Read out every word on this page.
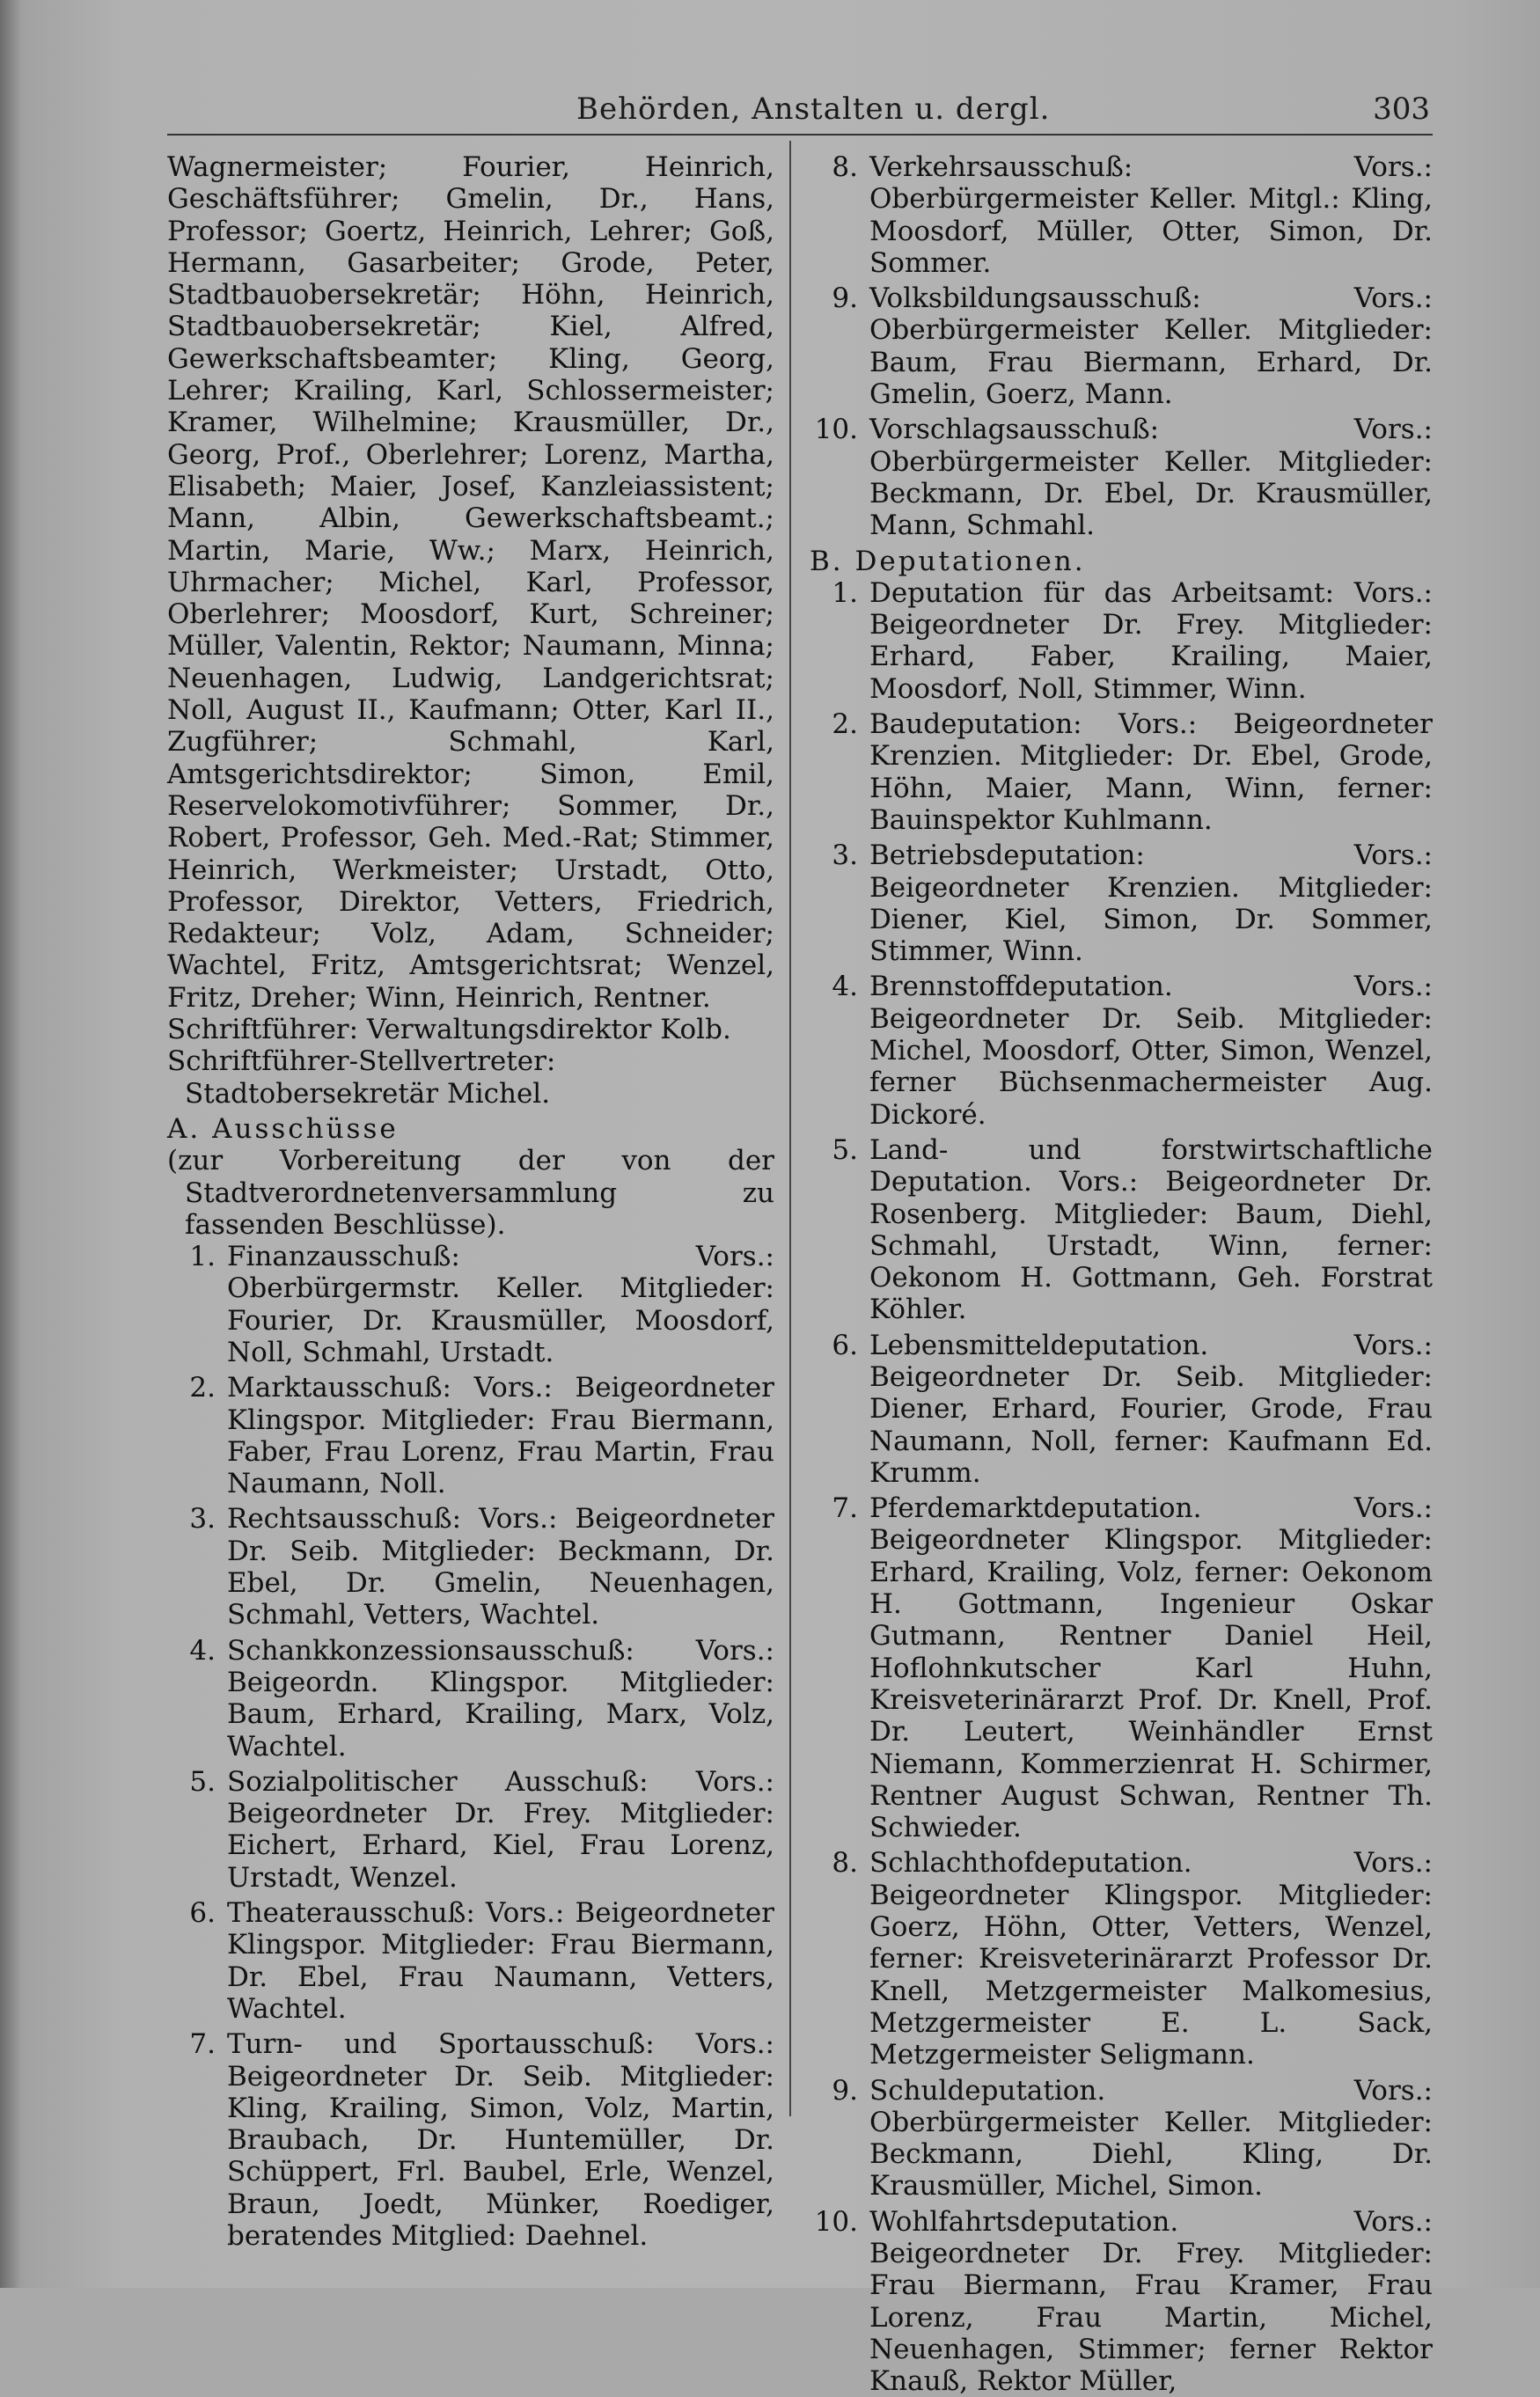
Behörden, Anstalten u. dergl.	303

Wagnermeister; Fourier, Heinrich, Geschäftsführer; Gmelin, Dr., Hans, Professor; Goertz, Heinrich, Lehrer; Goß, Hermann, Gasarbeiter; Grode, Peter, Stadtbauobersekretär; Höhn, Heinrich, Stadtbauobersekretär; Kiel, Alfred, Gewerkschaftsbeamter; Kling, Georg, Lehrer; Krailing, Karl, Schlossermeister; Kramer, Wilhelmine; Krausmüller, Dr., Georg, Prof., Oberlehrer; Lorenz, Martha, Elisabeth; Maier, Josef, Kanzleiassistent; Mann, Albin, Gewerkschaftsbeamt.; Martin, Marie, Ww.; Marx, Heinrich, Uhrmacher; Michel, Karl, Professor, Oberlehrer; Moosdorf, Kurt, Schreiner; Müller, Valentin, Rektor; Naumann, Minna; Neuenhagen, Ludwig, Landgerichtsrat; Noll, August II., Kaufmann; Otter, Karl II., Zugführer; Schmahl, Karl, Amtsgerichtsdirektor; Simon, Emil, Reservelokomotivführer; Sommer, Dr., Robert, Professor, Geh. Med.-Rat; Stimmer, Heinrich, Werkmeister; Urstadt, Otto, Professor, Direktor, Vetters, Friedrich, Redakteur; Volz, Adam, Schneider; Wachtel, Fritz, Amtsgerichtsrat; Wenzel, Fritz, Dreher; Winn, Heinrich, Rentner.

Schriftführer: Verwaltungsdirektor Kolb.

Schriftführer-Stellvertreter: Stadtobersekretär Michel.

A. Ausschüsse

(zur Vorbereitung der von der Stadtverordnetenversammlung zu fassenden Beschlüsse).

1. Finanzausschuß: Vors.: Oberbürgermstr. Keller. Mitglieder: Fourier, Dr. Krausmüller, Moosdorf, Noll, Schmahl, Urstadt.
2. Marktausschuß: Vors.: Beigeordneter Klingspor. Mitglieder: Frau Biermann, Faber, Frau Lorenz, Frau Martin, Frau Naumann, Noll.
3. Rechtsausschuß: Vors.: Beigeordneter Dr. Seib. Mitglieder: Beckmann, Dr. Ebel, Dr. Gmelin, Neuenhagen, Schmahl, Vetters, Wachtel.
4. Schankkonzessionsausschuß: Vors.: Beigeordn. Klingspor. Mitglieder: Baum, Erhard, Krailing, Marx, Volz, Wachtel.
5. Sozialpolitischer Ausschuß: Vors.: Beigeordneter Dr. Frey. Mitglieder: Eichert, Erhard, Kiel, Frau Lorenz, Urstadt, Wenzel.
6. Theaterausschuß: Vors.: Beigeordneter Klingspor. Mitglieder: Frau Biermann, Dr. Ebel, Frau Naumann, Vetters, Wachtel.
7. Turn- und Sportausschuß: Vors.: Beigeordneter Dr. Seib. Mitglieder: Kling, Krailing, Simon, Volz, Martin, Braubach, Dr. Huntemüller, Dr. Schüppert, Frl. Baubel, Erle, Wenzel, Braun, Joedt, Münker, Roediger, beratendes Mitglied: Daehnel.
8. Verkehrsausschuß: Vors.: Oberbürgermeister Keller. Mitgl.: Kling, Moosdorf, Müller, Otter, Simon, Dr. Sommer.
9. Volksbildungsausschuß: Vors.: Oberbürgermeister Keller. Mitglieder: Baum, Frau Biermann, Erhard, Dr. Gmelin, Goerz, Mann.
10. Vorschlagsausschuß: Vors.: Oberbürgermeister Keller. Mitglieder: Beckmann, Dr. Ebel, Dr. Krausmüller, Mann, Schmahl.

B. Deputationen.

1. Deputation für das Arbeitsamt: Vors.: Beigeordneter Dr. Frey. Mitglieder: Erhard, Faber, Krailing, Maier, Moosdorf, Noll, Stimmer, Winn.
2. Baudeputation: Vors.: Beigeordneter Krenzien. Mitglieder: Dr. Ebel, Grode, Höhn, Maier, Mann, Winn, ferner: Bauinspektor Kuhlmann.
3. Betriebsdeputation: Vors.: Beigeordneter Krenzien. Mitglieder: Diener, Kiel, Simon, Dr. Sommer, Stimmer, Winn.
4. Brennstoffdeputation. Vors.: Beigeordneter Dr. Seib. Mitglieder: Michel, Moosdorf, Otter, Simon, Wenzel, ferner Büchsenmachermeister Aug. Dickoré.
5. Land- und forstwirtschaftliche Deputation. Vors.: Beigeordneter Dr. Rosenberg. Mitglieder: Baum, Diehl, Schmahl, Urstadt, Winn, ferner: Oekonom H. Gottmann, Geh. Forstrat Köhler.
6. Lebensmitteldeputation. Vors.: Beigeordneter Dr. Seib. Mitglieder: Diener, Erhard, Fourier, Grode, Frau Naumann, Noll, ferner: Kaufmann Ed. Krumm.
7. Pferdemarktdeputation. Vors.: Beigeordneter Klingspor. Mitglieder: Erhard, Krailing, Volz, ferner: Oekonom H. Gottmann, Ingenieur Oskar Gutmann, Rentner Daniel Heil, Hoflohnkutscher Karl Huhn, Kreisveterinärarzt Prof. Dr. Knell, Prof. Dr. Leutert, Weinhändler Ernst Niemann, Kommerzienrat H. Schirmer, Rentner August Schwan, Rentner Th. Schwieder.
8. Schlachthofdeputation. Vors.: Beigeordneter Klingspor. Mitglieder: Goerz, Höhn, Otter, Vetters, Wenzel, ferner: Kreisveterinärarzt Professor Dr. Knell, Metzgermeister Malkomesius, Metzgermeister E. L. Sack, Metzgermeister Seligmann.
9. Schuldeputation. Vors.: Oberbürgermeister Keller. Mitglieder: Beckmann, Diehl, Kling, Dr. Krausmüller, Michel, Simon.
10. Wohlfahrtsdeputation. Vors.: Beigeordneter Dr. Frey. Mitglieder: Frau Biermann, Frau Kramer, Frau Lorenz, Frau Martin, Michel, Neuenhagen, Stimmer; ferner Rektor Knauß, Rektor Müller,
